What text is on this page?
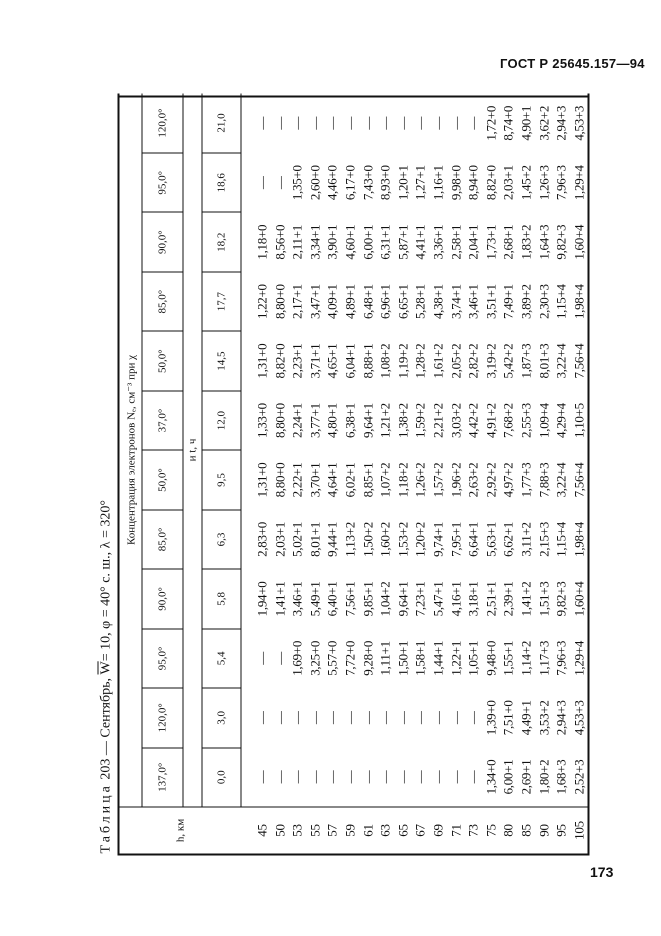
ГОСТ Р 25645.157—94
173
Таблица 203 — Сентябрь, $\overline{W}= 10$, φ = 40° с. ш., λ = 320°
h, км	Концентрация электронов Nₑ, см⁻³ при χ											
	137,0°	120,0°	95,0°	90,0°	85,0°	50,0°	37,0°	50,0°	85,0°	90,0°	95,0°	120,0°
	и t, ч											
	0,0	3,0	5,4	5,8	6,3	9,5	12,0	14,5	17,7	18,2	18,6	21,0
45	—	—	—	1,94+0	2,83+0	1,31+0	1,33+0	1,31+0	1,22+0	1,18+0	—	—
50	—	—	—	1,41+1	2,03+1	8,80+0	8,80+0	8,82+0	8,80+0	8,56+0	—	—
53	—	—	1,69+0	3,46+1	5,02+1	2,22+1	2,24+1	2,23+1	2,17+1	2,11+1	1,35+0	—
55	—	—	3,25+0	5,49+1	8,01+1	3,70+1	3,77+1	3,71+1	3,47+1	3,34+1	2,60+0	—
57	—	—	5,57+0	6,40+1	9,44+1	4,64+1	4,80+1	4,65+1	4,09+1	3,90+1	4,46+0	—
59	—	—	7,72+0	7,56+1	1,13+2	6,02+1	6,38+1	6,04+1	4,89+1	4,60+1	6,17+0	—
61	—	—	9,28+0	9,85+1	1,50+2	8,85+1	9,64+1	8,88+1	6,48+1	6,00+1	7,43+0	—
63	—	—	1,11+1	1,04+2	1,60+2	1,07+2	1,21+2	1,08+2	6,96+1	6,31+1	8,93+0	—
65	—	—	1,50+1	9,64+1	1,53+2	1,18+2	1,38+2	1,19+2	6,65+1	5,87+1	1,20+1	—
67	—	—	1,58+1	7,23+1	1,20+2	1,26+2	1,59+2	1,28+2	5,28+1	4,41+1	1,27+1	—
69	—	—	1,44+1	5,47+1	9,74+1	1,57+2	2,21+2	1,61+2	4,38+1	3,36+1	1,16+1	—
71	—	—	1,22+1	4,16+1	7,95+1	1,96+2	3,03+2	2,05+2	3,74+1	2,58+1	9,98+0	—
73	—	—	1,05+1	3,18+1	6,64+1	2,63+2	4,42+2	2,82+2	3,46+1	2,04+1	8,94+0	—
75	1,34+0	1,39+0	9,48+0	2,51+1	5,63+1	2,92+2	4,91+2	3,19+2	3,51+1	1,73+1	8,82+0	1,72+0
80	6,00+1	7,51+0	1,55+1	2,39+1	6,62+1	4,97+2	7,68+2	5,42+2	7,49+1	2,68+1	2,03+1	8,74+0
85	2,69+1	4,49+1	1,14+2	1,41+2	3,11+2	1,77+3	2,55+3	1,87+3	3,89+2	1,83+2	1,45+2	4,90+1
90	1,80+2	3,53+2	1,17+3	1,51+3	2,15+3	7,88+3	1,09+4	8,01+3	2,30+3	1,64+3	1,26+3	3,62+2
95	1,68+3	2,94+3	7,96+3	9,82+3	1,15+4	3,22+4	4,29+4	3,22+4	1,15+4	9,82+3	7,96+3	2,94+3
105	2,52+3	4,53+3	1,29+4	1,60+4	1,98+4	7,56+4	1,10+5	7,56+4	1,98+4	1,60+4	1,29+4	4,53+3
